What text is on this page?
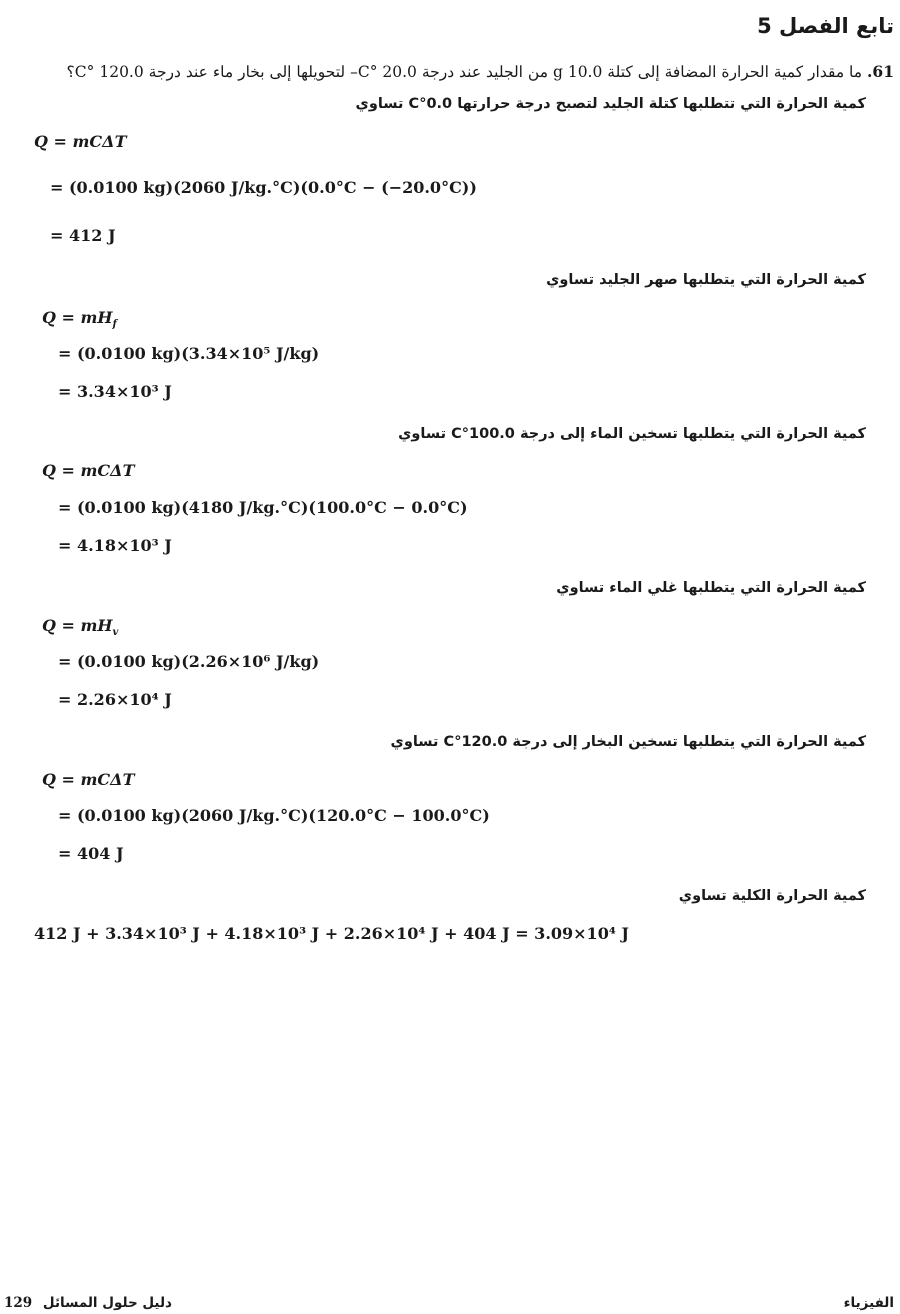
تابع الفصل 5
61. ما مقدار كمية الحرارة المضافة إلى كتلة 10.0 g من الجليد عند درجة 20.0 °C– لتحويلها إلى بخار ماء عند درجة 120.0 °C؟
كمية الحرارة التي تتطلبها كتلة الجليد لتصبح درجة حرارتها 0.0°C تساوي
Q = mCΔT
= (0.0100 kg)(2060 J/kg.°C)(0.0°C − (−20.0°C))
= 412 J
كمية الحرارة التي يتطلبها صهر الجليد تساوي
$Q = mH_f$
= (0.0100 kg)(3.34×10⁵ J/kg)
= 3.34×10³ J
كمية الحرارة التي يتطلبها تسخين الماء إلى درجة 100.0°C تساوي
Q = mCΔT
= (0.0100 kg)(4180 J/kg.°C)(100.0°C − 0.0°C)
= 4.18×10³ J
كمية الحرارة التي يتطلبها غلي الماء تساوي
$Q = mH_v$
= (0.0100 kg)(2.26×10⁶ J/kg)
= 2.26×10⁴ J
كمية الحرارة التي يتطلبها تسخين البخار إلى درجة 120.0°C تساوي
Q = mCΔT
= (0.0100 kg)(2060 J/kg.°C)(120.0°C − 100.0°C)
= 404 J
كمية الحرارة الكلية تساوي
412 J + 3.34×10³ J + 4.18×10³ J + 2.26×10⁴ J + 404 J = 3.09×10⁴ J
دليل حلول المسائل 129	الفيزياء
